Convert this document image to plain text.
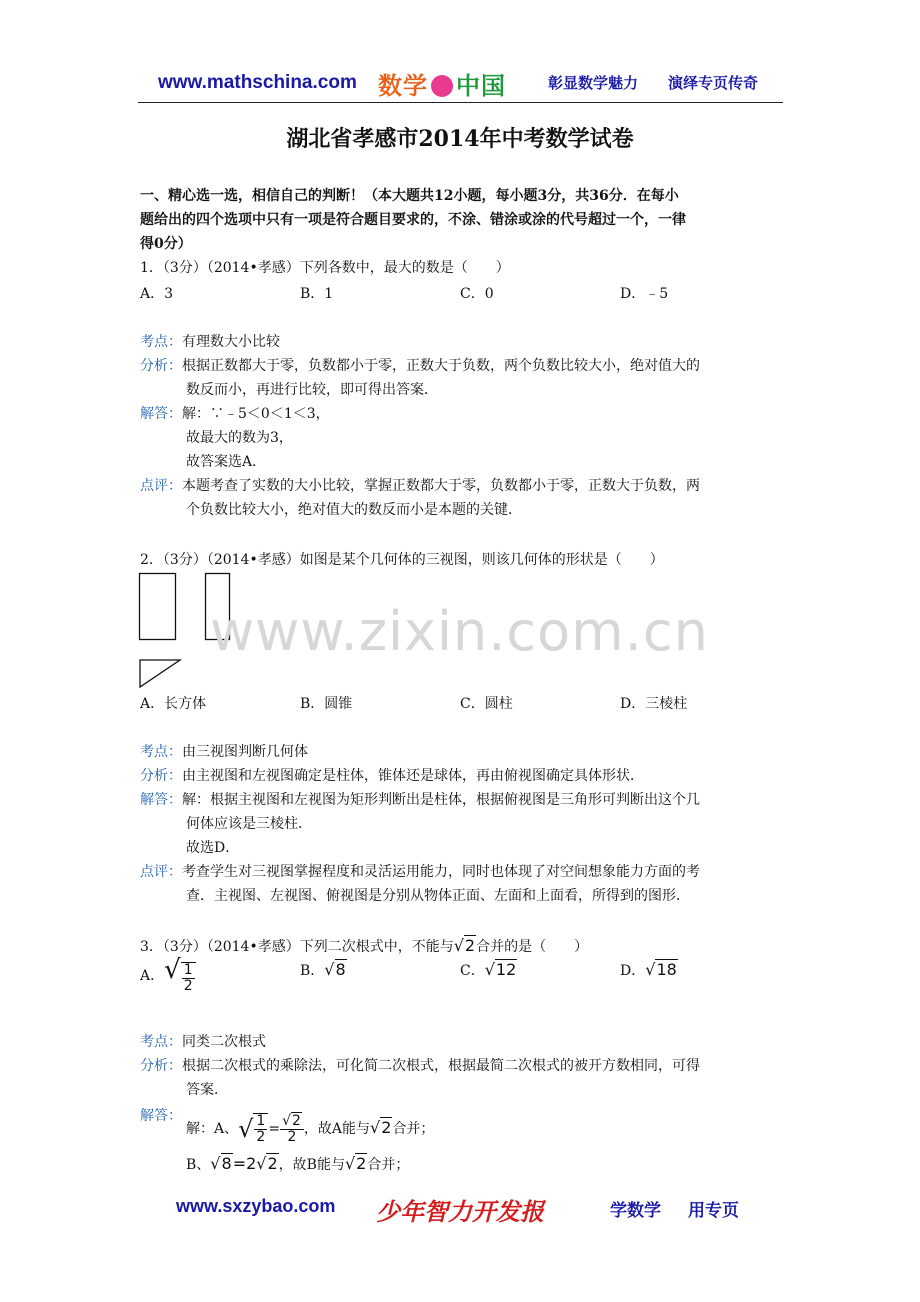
www.mathschina.com 数学 中国	彰显数学魅力 演绎专页传奇
湖北省孝感市2014年中考数学试卷
一、精心选一选，相信自己的判断！（本大题共12小题，每小题3分，共36分．在每小
题给出的四个选项中只有一项是符合题目要求的，不涂、错涂或涂的代号超过一个，一律
得0分）
1．（3分）（2014•孝感）下列各数中，最大的数是（　　）
A．3	B．1	C．0	D．﹣5
考点：有理数大小比较
分析：根据正数都大于零，负数都小于零，正数大于负数，两个负数比较大小，绝对值大的
数反而小，再进行比较，即可得出答案．
解答：解：∵﹣5＜0＜1＜3，
故最大的数为3，
故答案选A．
点评：本题考查了实数的大小比较，掌握正数都大于零，负数都小于零，正数大于负数，两
个负数比较大小，绝对值大的数反而小是本题的关键．
2．（3分）（2014•孝感）如图是某个几何体的三视图，则该几何体的形状是（　　）
www.zixin.com.cn
A．长方体	B．圆锥	C．圆柱	D．三棱柱
考点：由三视图判断几何体
分析：由主视图和左视图确定是柱体，锥体还是球体，再由俯视图确定具体形状．
解答：解：根据主视图和左视图为矩形判断出是柱体，根据俯视图是三角形可判断出这个几
何体应该是三棱柱．
故选D．
点评：考查学生对三视图掌握程度和灵活运用能力，同时也体现了对空间想象能力方面的考
查．主视图、左视图、俯视图是分别从物体正面、左面和上面看，所得到的图形．
3．（3分）（2014•孝感）下列二次根式中，不能与√2合并的是（　　）
A．√ $\frac{1}{2}$	B．√8	C．√12	D．√18
考点：同类二次根式
分析：根据二次根式的乘除法，可化简二次根式，根据最简二次根式的被开方数相同，可得
答案．
解答：
解：A、√ $\frac{1}{2} = \frac{√2}{2}$ ，故A能与√2合并；
B、√8=2√2，故B能与√2合并；
www.sxzybao.com 少年智力开发报	学数学 用专页
